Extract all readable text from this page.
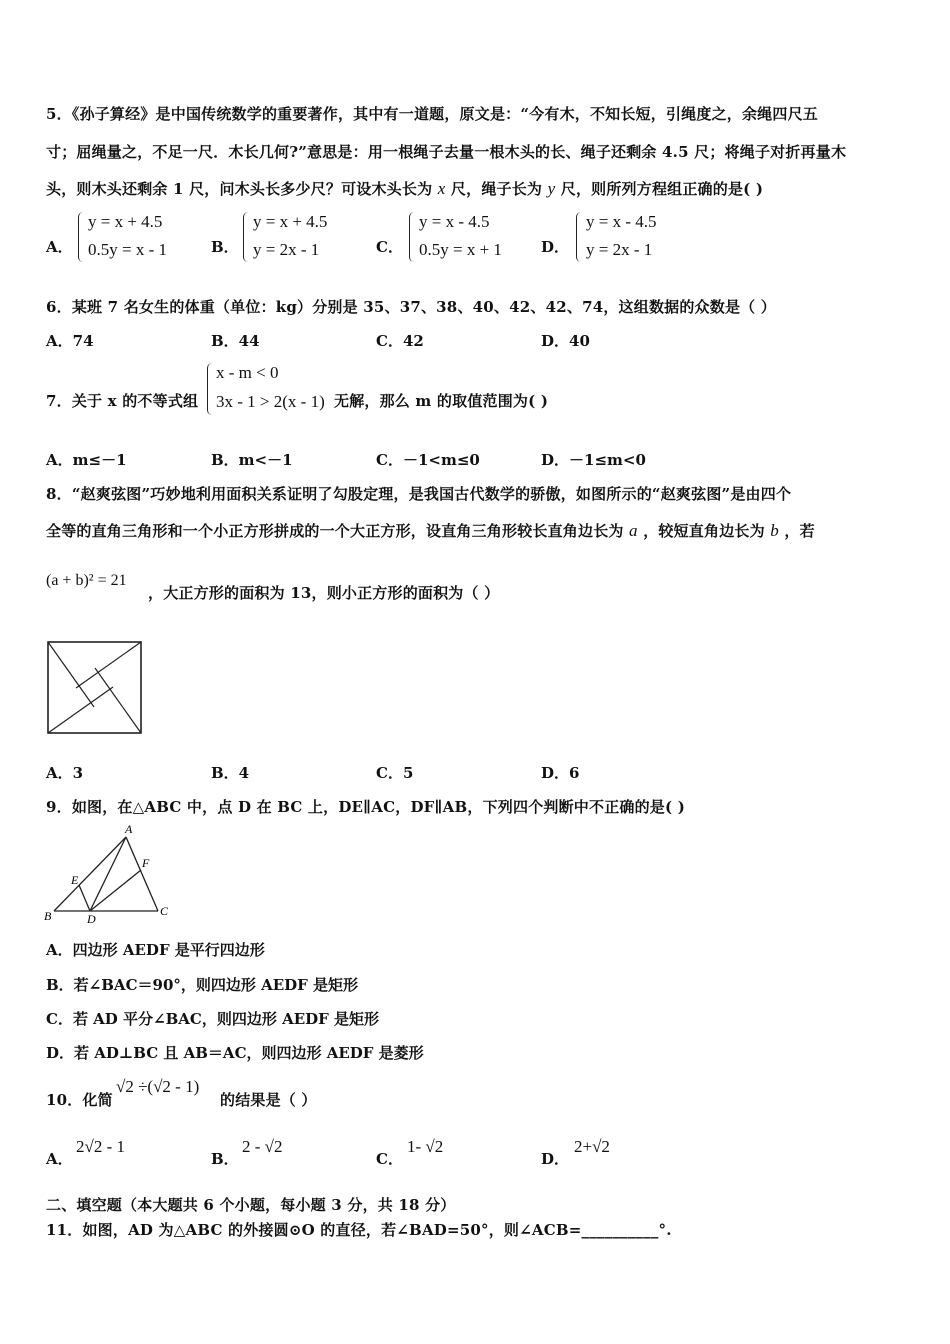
5．《孙子算经》是中国传统数学的重要著作，其中有一道题，原文是：“今有木，不知长短，引绳度之，余绳四尺五
寸；屈绳量之，不足一尺．木长几何?”意思是：用一根绳子去量一根木头的长、绳子还剩余 4.5 尺；将绳子对折再量木
头，则木头还剩余 1 尺，问木头长多少尺？可设木头长为 x 尺，绳子长为 y 尺，则所列方程组正确的是( )
A．
y = x + 4.5
0.5y = x - 1	B．
y = x + 4.5
y = 2x - 1	C．
y = x - 4.5
0.5y = x + 1	D．
y = x - 4.5
y = 2x - 1
6．某班 7 名女生的体重（单位：kg）分别是 35、37、38、40、42、42、74，这组数据的众数是（ ）
A．74	B．44	C．42	D．40
7．关于 x 的不等式组
x - m < 0
3x - 1 > 2(x - 1) 无解，那么 m 的取值范围为( )
A．m≤－1	B．m<－1	C．－1<m≤0	D．－1≤m<0
8．“赵爽弦图”巧妙地利用面积关系证明了勾股定理，是我国古代数学的骄傲，如图所示的“赵爽弦图”是由四个
全等的直角三角形和一个小正方形拼成的一个大正方形，设直角三角形较长直角边长为 a ，较短直角边长为 b ，若
(a + b)² = 21
，大正方形的面积为 13，则小正方形的面积为（ ）
A．3	B．4	C．5	D．6
9．如图，在△ABC 中，点 D 在 BC 上，DE∥AC，DF∥AB，下列四个判断中不正确的是( )
A
B	C
D
E
F
A．四边形 AEDF 是平行四边形
B．若∠BAC＝90°，则四边形 AEDF 是矩形
C．若 AD 平分∠BAC，则四边形 AEDF 是矩形
D．若 AD⊥BC 且 AB＝AC，则四边形 AEDF 是菱形
10．化简
√2 ÷(√2 - 1)
的结果是（ ）
A．
2√2 - 1
B．
2 - √2
C．
1- √2
D．
2+√2
二、填空题（本大题共 6 个小题，每小题 3 分，共 18 分）
11．如图，AD 为△ABC 的外接圆⊙O 的直径，若∠BAD=50°，则∠ACB=__________°.
